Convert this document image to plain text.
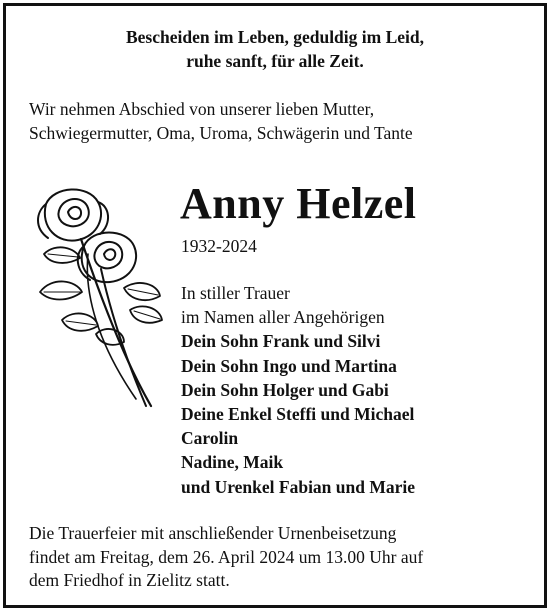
Bescheiden im Leben, geduldig im Leid,
ruhe sanft, für alle Zeit.
Wir nehmen Abschied von unserer lieben Mutter,
Schwiegermutter, Oma, Uroma, Schwägerin und Tante
Anny Helzel
1932-2024
In stiller Trauer
im Namen aller Angehörigen
Dein Sohn Frank und Silvi
Dein Sohn Ingo und Martina
Dein Sohn Holger und Gabi
Deine Enkel Steffi und Michael
Carolin
Nadine, Maik
und Urenkel Fabian und Marie
Die Trauerfeier mit anschließender Urnenbeisetzung
findet am Freitag, dem 26. April 2024 um 13.00 Uhr auf
dem Friedhof in Zielitz statt.
